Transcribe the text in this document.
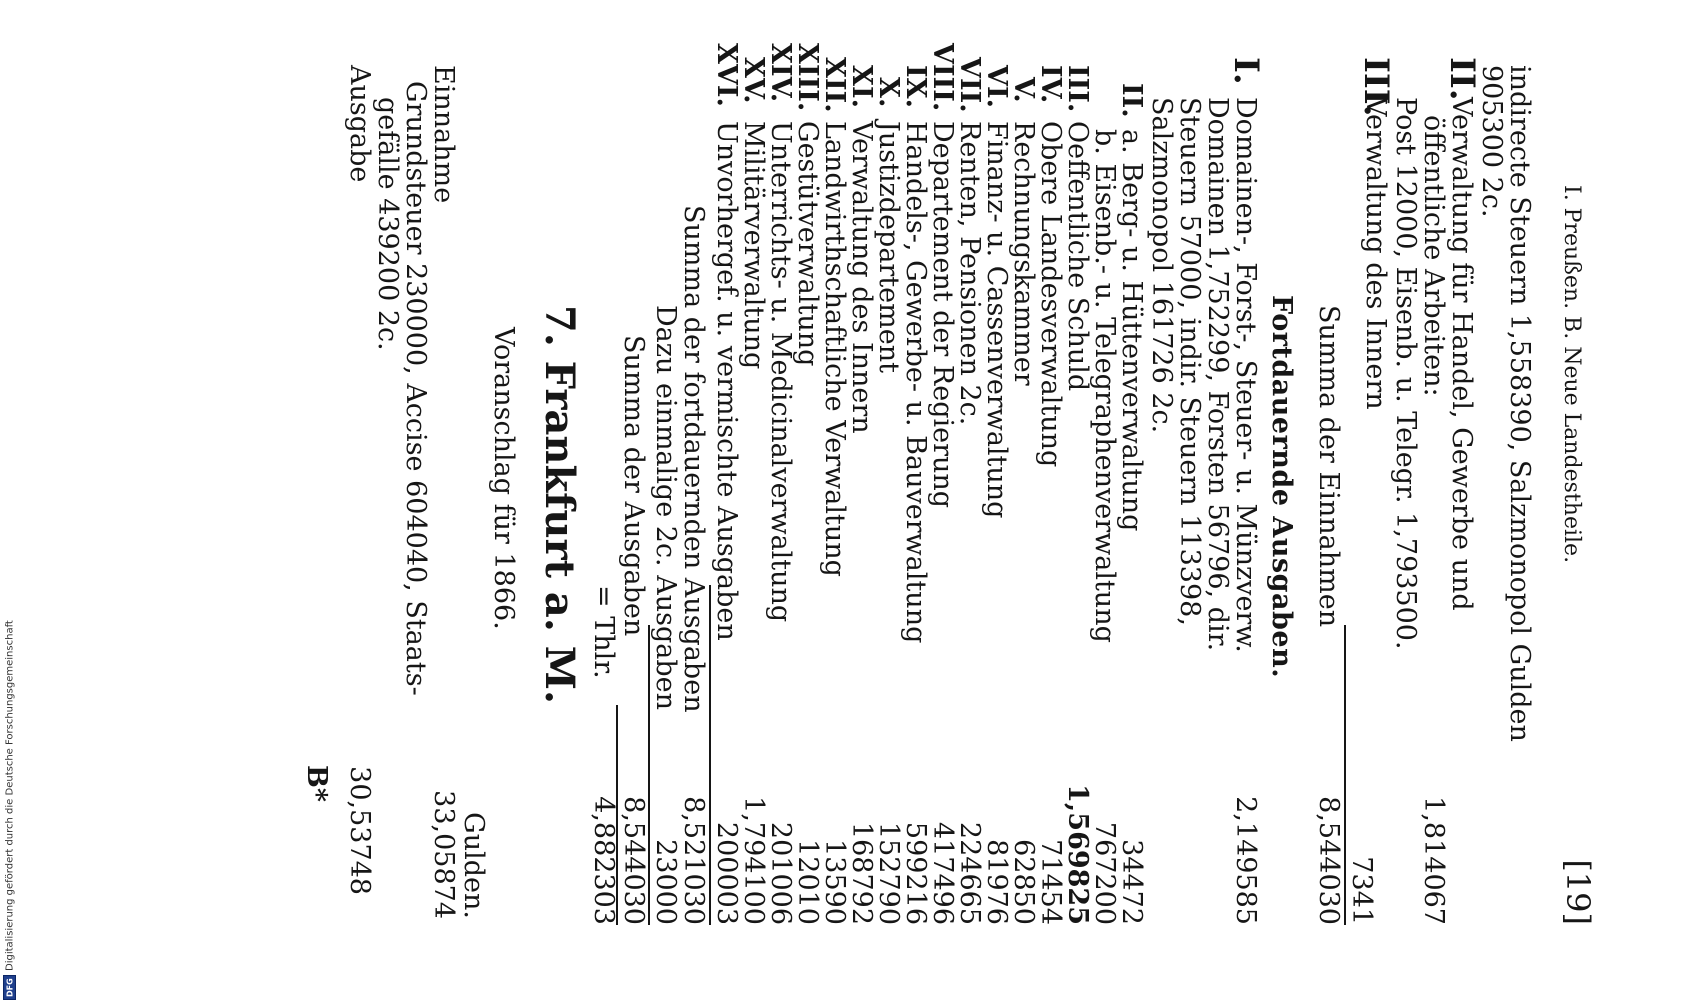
DFG
Digitalisierung gefördert durch die Deutsche Forschungsgemeinschaft
I. Preußen. B. Neue Landestheile.
[19]
indirecte Steuern 1,558390, Salzmonopol Gulden
905300 2c.
II.
Verwaltung für Handel, Gewerbe und
öffentliche Arbeiten:
Post 12000, Eisenb. u. Telegr. 1,793500.
1,814067
III.
Verwaltung des Innern
7341
Summa der Einnahmen
8,544030
Fortdauernde Ausgaben.
I.
Domainen-, Forst-, Steuer- u. Münzverw.
2,149585
Domainen 1,752299, Forsten 56796, dir.
Steuern 57000, indir. Steuern 113398,
Salzmonopol 161726 2c.
II.
a. Berg- u. Hüttenverwaltung
34472
b. Eisenb.- u. Telegraphenverwaltung
767200
III.
Oeffentliche Schuld
1,569825
IV.
Obere Landesverwaltung
71454
V.
Rechnungskammer
62850
VI.
Finanz- u. Cassenverwaltung
81976
VII.
Renten, Pensionen 2c.
224665
VIII.
Departement der Regierung
417496
IX.
Handels-, Gewerbe- u. Bauverwaltung
599216
X.
Justizdepartement
152790
XI.
Verwaltung des Innern
168792
XII.
Landwirthschaftliche Verwaltung
13590
XIII.
Gestütverwaltung
12010
XIV.
Unterrichts- u. Medicinalverwaltung
201006
XV.
Militärverwaltung
1,794100
XVI.
Unvorhergef. u. vermischte Ausgaben
200003
Summa der fortdauernden Ausgaben
8,521030
Dazu einmalige 2c. Ausgaben
23000
Summa der Ausgaben
8,544030
= Thlr.
4,882303
7. Frankfurt a. M.
Voranschlag für 1866.
Gulden.
Einnahme
33,05874
Grundsteuer 230000, Accise 604040, Staats-
gefälle 439200 2c.
Ausgabe
30,53748
B*
